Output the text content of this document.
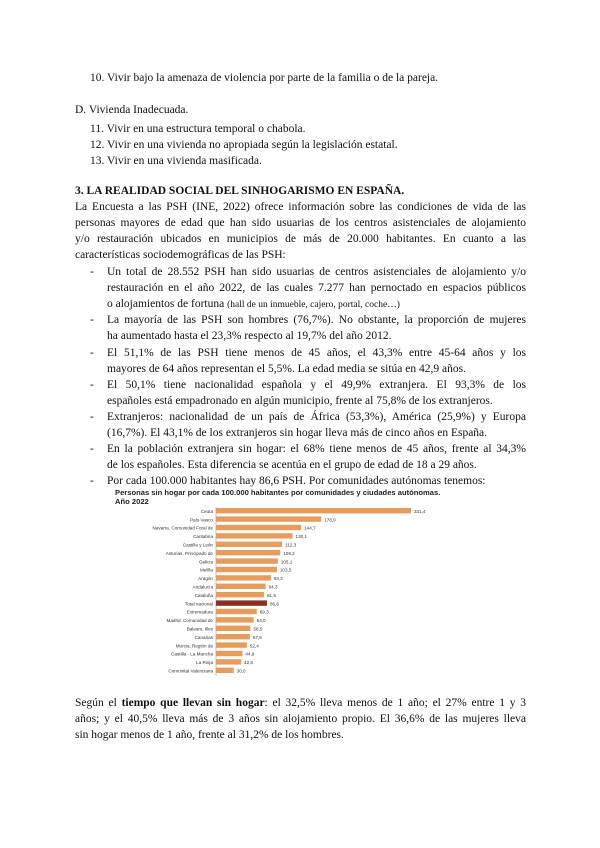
10. Vivir bajo la amenaza de violencia por parte de la familia o de la pareja.
D. Vivienda Inadecuada.
11. Vivir en una estructura temporal o chabola.
12. Vivir en una vivienda no apropiada según la legislación estatal.
13. Vivir en una vivienda masificada.
3. LA REALIDAD SOCIAL DEL SINHOGARISMO EN ESPAÑA.
La Encuesta a las PSH (INE, 2022) ofrece información sobre las condiciones de vida de las
personas mayores de edad que han sido usuarias de los centros asistenciales de alojamiento
y/o restauración ubicados en municipios de más de 20.000 habitantes. En cuanto a las
características sociodemográficas de las PSH:
- Un total de 28.552 PSH han sido usuarias de centros asistenciales de alojamiento y/o
restauración en el año 2022, de las cuales 7.277 han pernoctado en espacios públicos
o alojamientos de fortuna (hall de un inmueble, cajero, portal, coche…)
- La mayoría de las PSH son hombres (76,7%). No obstante, la proporción de mujeres
ha aumentado hasta el 23,3% respecto al 19,7% del año 2012.
- El 51,1% de las PSH tiene menos de 45 años, el 43,3% entre 45-64 años y los
mayores de 64 años representan el 5,5%. La edad media se sitúa en 42,9 años.
- El 50,1% tiene nacionalidad española y el 49,9% extranjera. El 93,3% de los
españoles está empadronado en algún municipio, frente al 75,8% de los extranjeros.
- Extranjeros: nacionalidad de un país de África (53,3%), América (25,9%) y Europa
(16,7%). El 43,1% de los extranjeros sin hogar lleva más de cinco años en España.
- En la población extranjera sin hogar: el 68% tiene menos de 45 años, frente al 34,3%
de los españoles. Esta diferencia se acentúa en el grupo de edad de 18 a 29 años.
- Por cada 100.000 habitantes hay 86,6 PSH. Por comunidades autónomas tenemos:
Personas sin hogar por cada 100.000 habitantes por comunidades y ciudades autónomas. Año 2022
Ceuta	331,4
País Vasco	178,9
Navarra, Comunidad Foral de	144,7
Cantabria	130,1
Castilla y León	112,3
Asturias, Principado de	109,2
Galicia	105,1
Melilla	103,5
Aragón	93,2
Andalucía	84,3
Cataluña	81,5
Total nacional	86,6
Extremadura	69,3
Madrid, Comunidad de	64,0
Balears, Illes	58,5
Canarias	57,6
Murcia, Región de	52,4
Castilla - La Mancha	44,9
La Rioja	42,6
Comunitat Valenciana	30,0
Según el tiempo que llevan sin hogar: el 32,5% lleva menos de 1 año; el 27% entre 1 y 3
años; y el 40,5% lleva más de 3 años sin alojamiento propio. El 36,6% de las mujeres lleva
sin hogar menos de 1 año, frente al 31,2% de los hombres.
